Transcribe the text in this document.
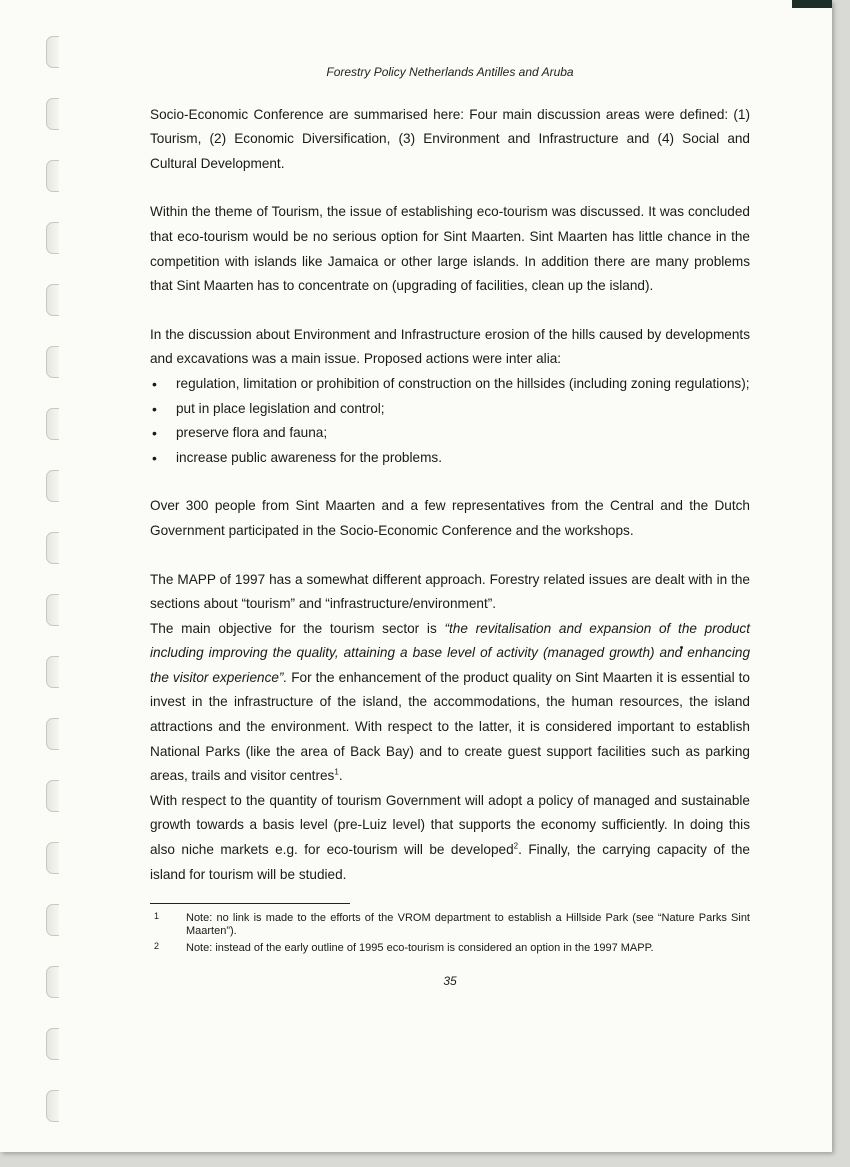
Forestry Policy Netherlands Antilles and Aruba

Socio-Economic Conference are summarised here: Four main discussion areas were defined: (1) Tourism, (2) Economic Diversification, (3) Environment and Infrastructure and (4) Social and Cultural Development.

Within the theme of Tourism, the issue of establishing eco-tourism was discussed. It was concluded that eco-tourism would be no serious option for Sint Maarten. Sint Maarten has little chance in the competition with islands like Jamaica or other large islands. In addition there are many problems that Sint Maarten has to concentrate on (upgrading of facilities, clean up the island).

In the discussion about Environment and Infrastructure erosion of the hills caused by developments and excavations was a main issue. Proposed actions were inter alia:

• regulation, limitation or prohibition of construction on the hillsides (including zoning regulations);
• put in place legislation and control;
• preserve flora and fauna;
• increase public awareness for the problems.

Over 300 people from Sint Maarten and a few representatives from the Central and the Dutch Government participated in the Socio-Economic Conference and the workshops.

The MAPP of 1997 has a somewhat different approach. Forestry related issues are dealt with in the sections about “tourism” and “infrastructure/environment”.

The main objective for the tourism sector is “the revitalisation and expansion of the product including improving the quality, attaining a base level of activity (managed growth) and enhancing the visitor experience”. For the enhancement of the product quality on Sint Maarten it is essential to invest in the infrastructure of the island, the accommodations, the human resources, the island attractions and the environment. With respect to the latter, it is considered important to establish National Parks (like the area of Back Bay) and to create guest support facilities such as parking areas, trails and visitor centres$^1$.

With respect to the quantity of tourism Government will adopt a policy of managed and sustainable growth towards a basis level (pre-Luiz level) that supports the economy sufficiently. In doing this also niche markets e.g. for eco-tourism will be developed$^2$. Finally, the carrying capacity of the island for tourism will be studied.

1 Note: no link is made to the efforts of the VROM department to establish a Hillside Park (see “Nature Parks Sint Maarten”).
2 Note: instead of the early outline of 1995 eco-tourism is considered an option in the 1997 MAPP.
35
